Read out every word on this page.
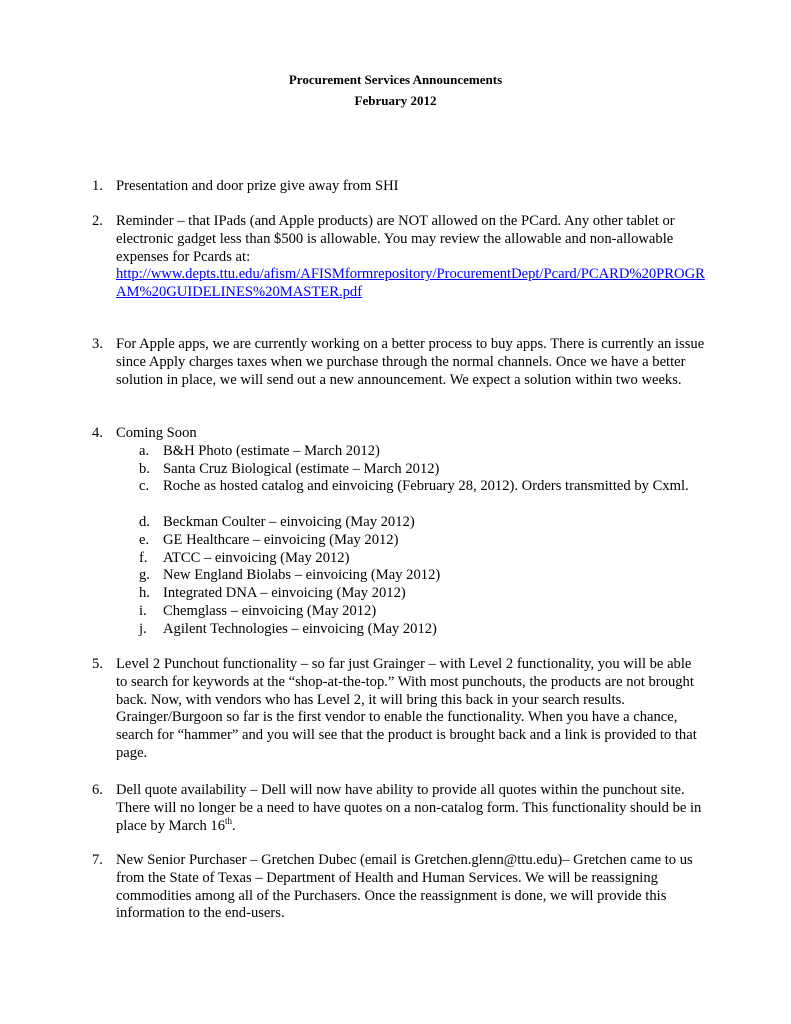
Procurement Services Announcements
February 2012
1. Presentation and door prize give away from SHI
2. Reminder – that IPads (and Apple products) are NOT allowed on the PCard. Any other tablet or electronic gadget less than $500 is allowable. You may review the allowable and non-allowable expenses for Pcards at:
http://www.depts.ttu.edu/afism/AFISMformrepository/ProcurementDept/Pcard/PCARD%20PROGRAM%20GUIDELINES%20MASTER.pdf
3. For Apple apps, we are currently working on a better process to buy apps. There is currently an issue since Apply charges taxes when we purchase through the normal channels. Once we have a better solution in place, we will send out a new announcement. We expect a solution within two weeks.
4. Coming Soon
a. B&H Photo (estimate – March 2012)
b. Santa Cruz Biological (estimate – March 2012)
c. Roche as hosted catalog and einvoicing (February 28, 2012). Orders transmitted by Cxml.
d. Beckman Coulter – einvoicing (May 2012)
e. GE Healthcare – einvoicing (May 2012)
f.	ATCC – einvoicing (May 2012)
g. New England Biolabs – einvoicing (May 2012)
h. Integrated DNA – einvoicing (May 2012)
i.	Chemglass – einvoicing (May 2012)
j.	Agilent Technologies – einvoicing (May 2012)
5. Level 2 Punchout functionality – so far just Grainger – with Level 2 functionality, you will be able to search for keywords at the “shop-at-the-top.” With most punchouts, the products are not brought back. Now, with vendors who has Level 2, it will bring this back in your search results. Grainger/Burgoon so far is the first vendor to enable the functionality. When you have a chance, search for “hammer” and you will see that the product is brought back and a link is provided to that page.
6. Dell quote availability – Dell will now have ability to provide all quotes within the punchout site. There will no longer be a need to have quotes on a non-catalog form. This functionality should be in place by March 16th.
7. New Senior Purchaser – Gretchen Dubec (email is Gretchen.glenn@ttu.edu)– Gretchen came to us from the State of Texas – Department of Health and Human Services. We will be reassigning commodities among all of the Purchasers. Once the reassignment is done, we will provide this information to the end-users.
